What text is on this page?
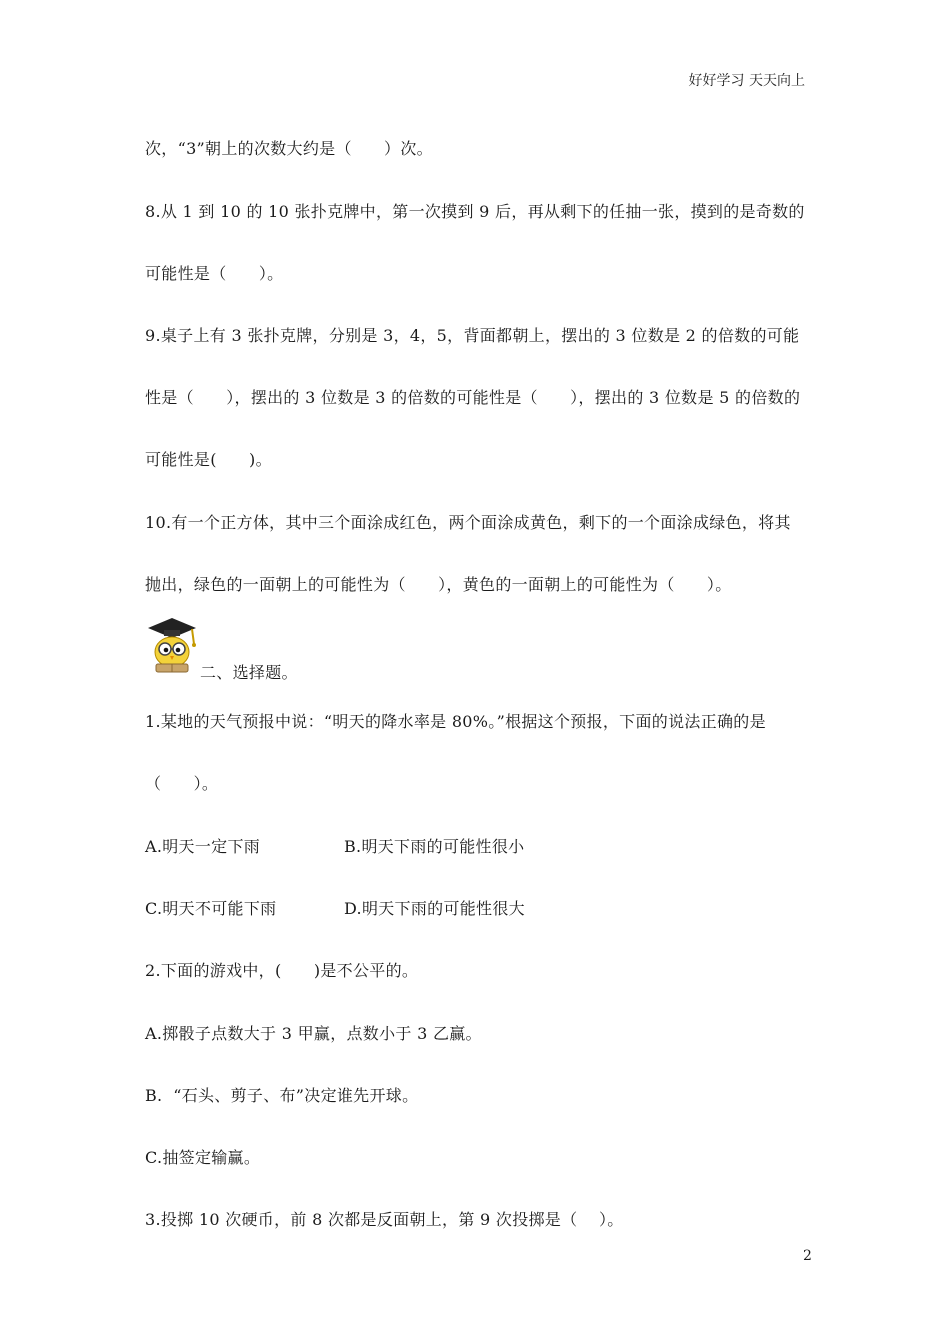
好好学习 天天向上
次，“3”朝上的次数大约是（      ）次。
8.从 1 到 10 的 10 张扑克牌中，第一次摸到 9 后，再从剩下的任抽一张，摸到的是奇数的
可能性是（      ）。
9.桌子上有 3 张扑克牌，分别是 3，4，5，背面都朝上，摆出的 3 位数是 2 的倍数的可能
性是（      ），摆出的 3 位数是 3 的倍数的可能性是（      ），摆出的 3 位数是 5 的倍数的
可能性是(      )。
10.有一个正方体，其中三个面涂成红色，两个面涂成黄色，剩下的一个面涂成绿色，将其
抛出，绿色的一面朝上的可能性为（      ），黄色的一面朝上的可能性为（      ）。
二、选择题。
1.某地的天气预报中说：“明天的降水率是 80%。”根据这个预报，下面的说法正确的是
（      ）。
A.明天一定下雨	B.明天下雨的可能性很小
C.明天不可能下雨	D.明天下雨的可能性很大
2.下面的游戏中，(      )是不公平的。
A.掷骰子点数大于 3 甲赢，点数小于 3 乙赢。
B.  “石头、剪子、布”决定谁先开球。
C.抽签定输赢。
3.投掷 10 次硬币，前 8 次都是反面朝上，第 9 次投掷是（    ）。
2
